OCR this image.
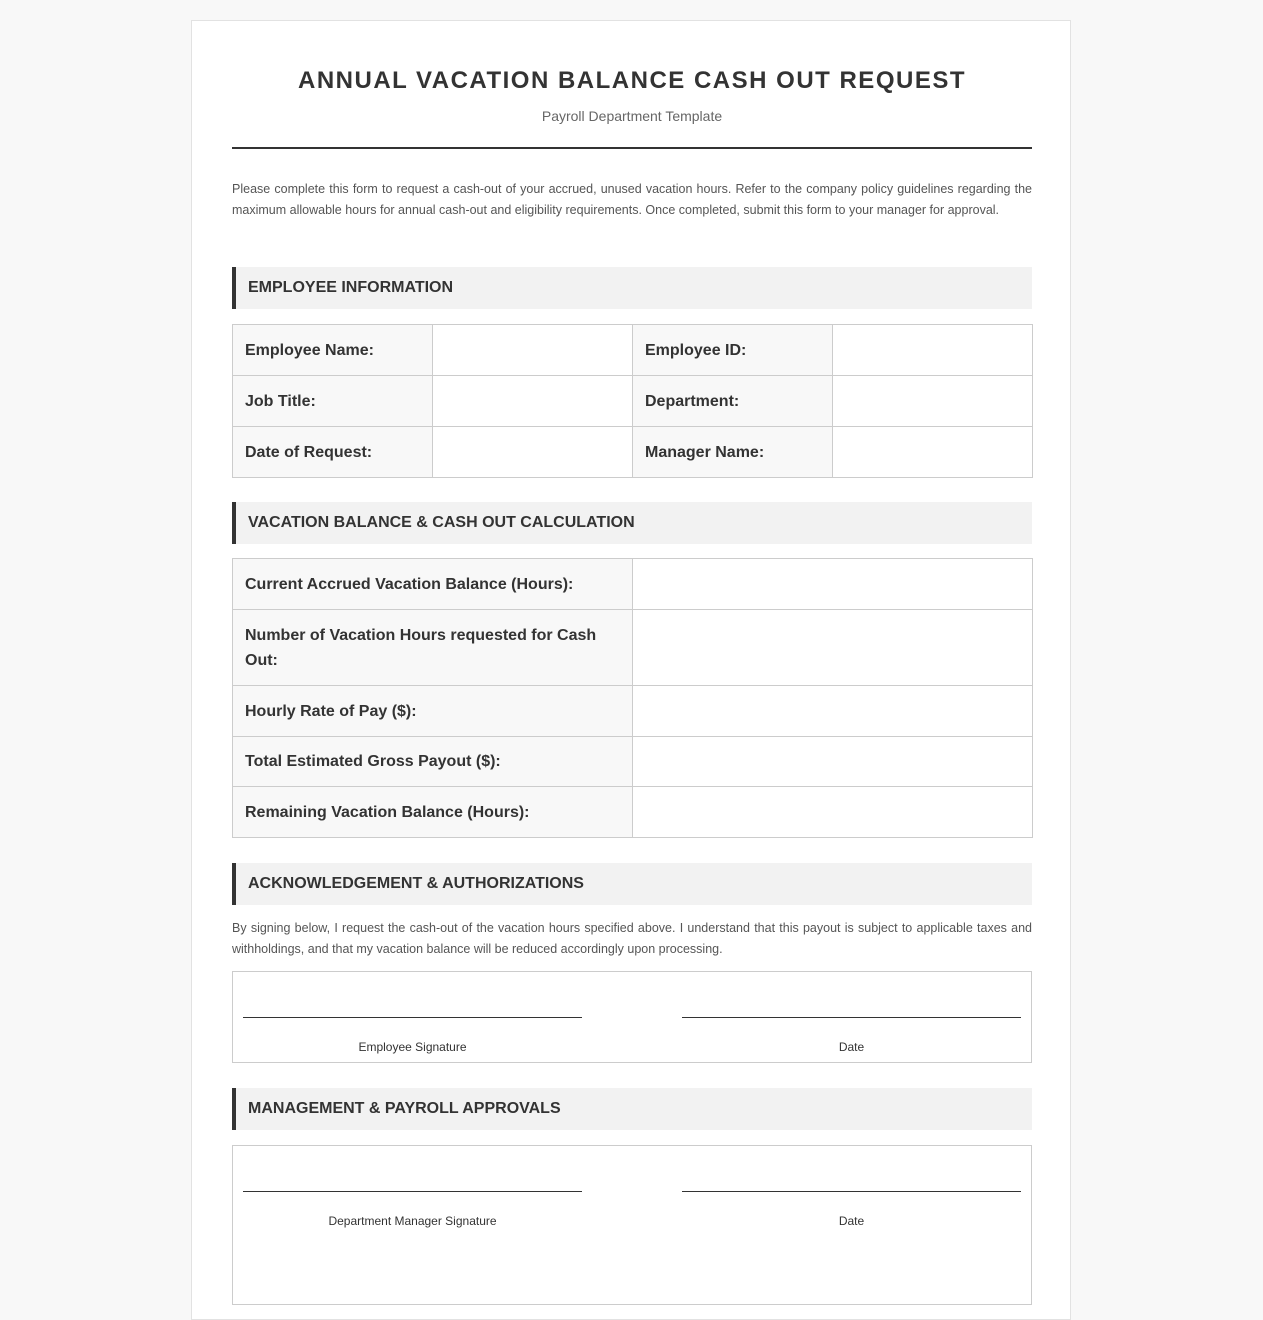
ANNUAL VACATION BALANCE CASH OUT REQUEST
Payroll Department Template

Please complete this form to request a cash-out of your accrued, unused vacation hours. Refer to the company policy guidelines regarding the maximum allowable hours for annual cash-out and eligibility requirements. Once completed, submit this form to your manager for approval.

EMPLOYEE INFORMATION
Employee Name:		Employee ID:	
Job Title:		Department:	
Date of Request:		Manager Name:	
VACATION BALANCE & CASH OUT CALCULATION
Current Accrued Vacation Balance (Hours):	
Number of Vacation Hours requested for Cash Out:	
Hourly Rate of Pay ($):	
Total Estimated Gross Payout ($):	
Remaining Vacation Balance (Hours):	
ACKNOWLEDGEMENT & AUTHORIZATIONS

By signing below, I request the cash-out of the vacation hours specified above. I understand that this payout is subject to applicable taxes and withholdings, and that my vacation balance will be reduced accordingly upon processing.

Employee Signature	Date
MANAGEMENT & PAYROLL APPROVALS
Department Manager Signature	Date
